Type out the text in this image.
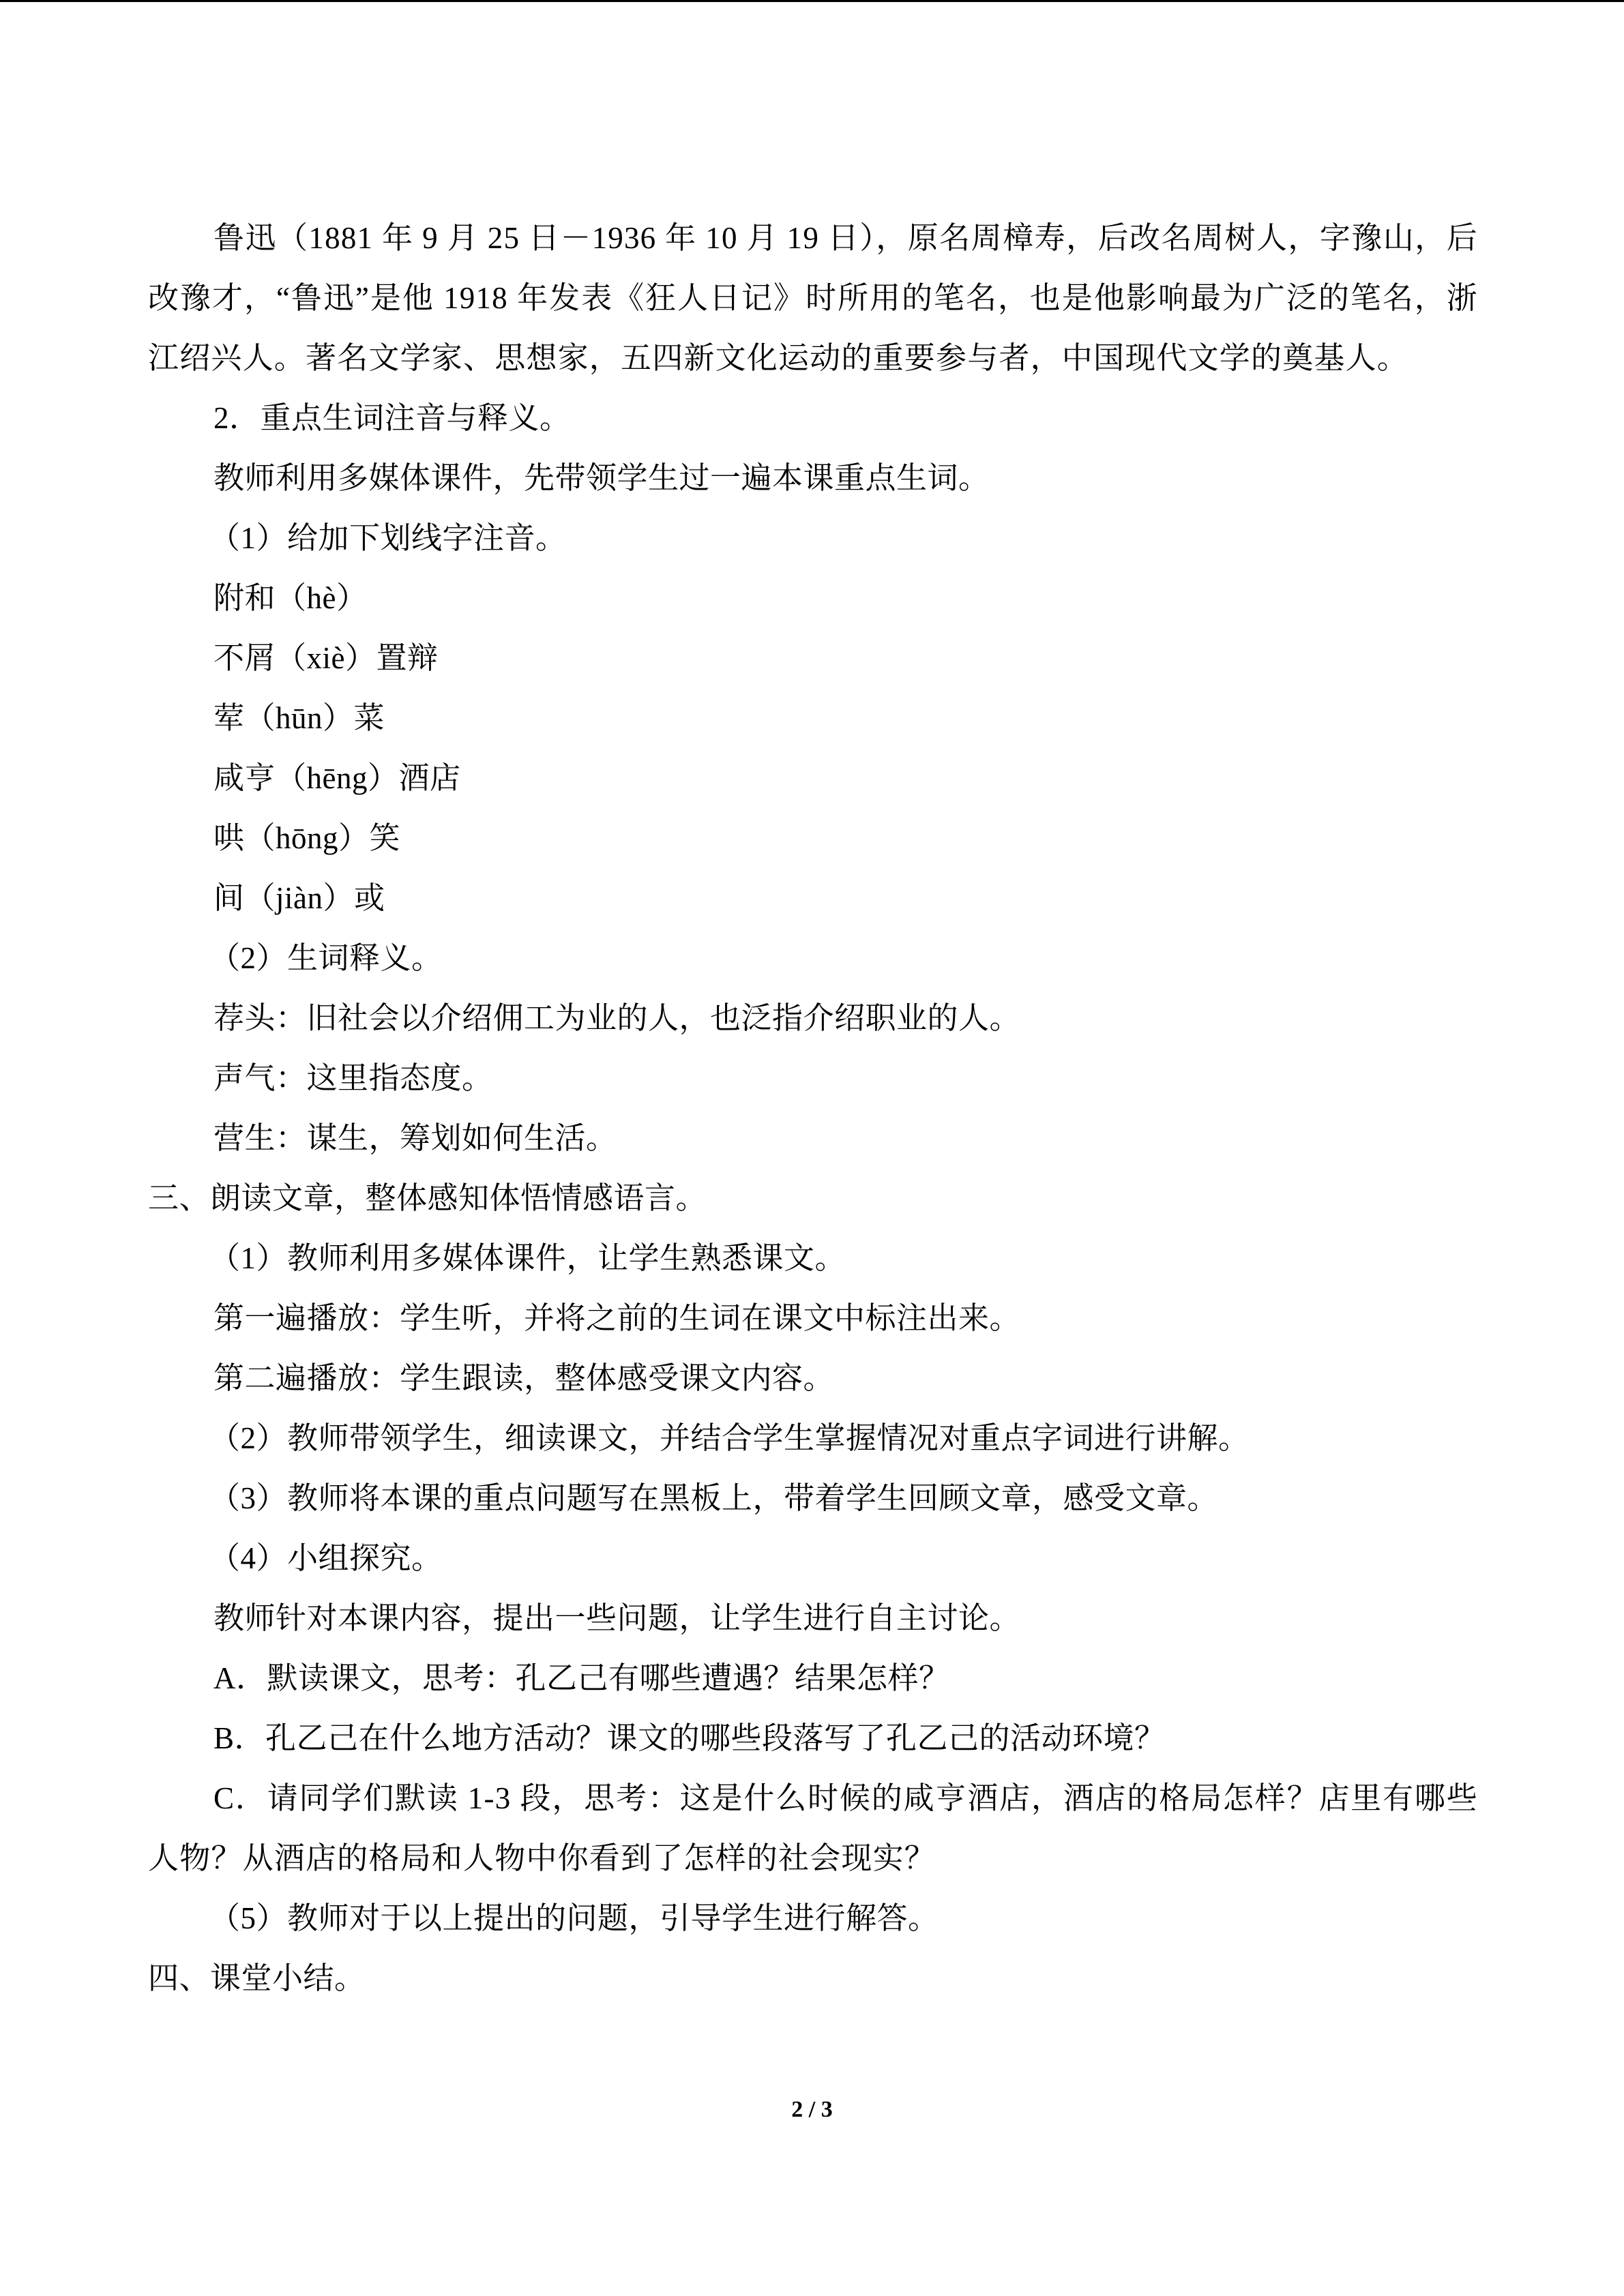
鲁迅（1881 年 9 月 25 日－1936 年 10 月 19 日），原名周樟寿，后改名周树人，字豫山，后改豫才，“鲁迅”是他 1918 年发表《狂人日记》时所用的笔名，也是他影响最为广泛的笔名，浙江绍兴人。著名文学家、思想家，五四新文化运动的重要参与者，中国现代文学的奠基人。
2．重点生词注音与释义。
教师利用多媒体课件，先带领学生过一遍本课重点生词。
（1）给加下划线字注音。
附和（hè）
不屑（xiè）置辩
荤（hūn）菜
咸亨（hēng）酒店
哄（hōng）笑
间（jiàn）或
（2）生词释义。
荐头：旧社会以介绍佣工为业的人，也泛指介绍职业的人。
声气：这里指态度。
营生：谋生，筹划如何生活。
三、朗读文章，整体感知体悟情感语言。
（1）教师利用多媒体课件，让学生熟悉课文。
第一遍播放：学生听，并将之前的生词在课文中标注出来。
第二遍播放：学生跟读，整体感受课文内容。
（2）教师带领学生，细读课文，并结合学生掌握情况对重点字词进行讲解。
（3）教师将本课的重点问题写在黑板上，带着学生回顾文章，感受文章。
（4）小组探究。
教师针对本课内容，提出一些问题，让学生进行自主讨论。
A．默读课文，思考：孔乙己有哪些遭遇？结果怎样？
B．孔乙己在什么地方活动？课文的哪些段落写了孔乙己的活动环境？
C．请同学们默读 1-3 段，思考：这是什么时候的咸亨酒店，酒店的格局怎样？店里有哪些人物？从酒店的格局和人物中你看到了怎样的社会现实？
（5）教师对于以上提出的问题，引导学生进行解答。
四、课堂小结。
2 / 3
